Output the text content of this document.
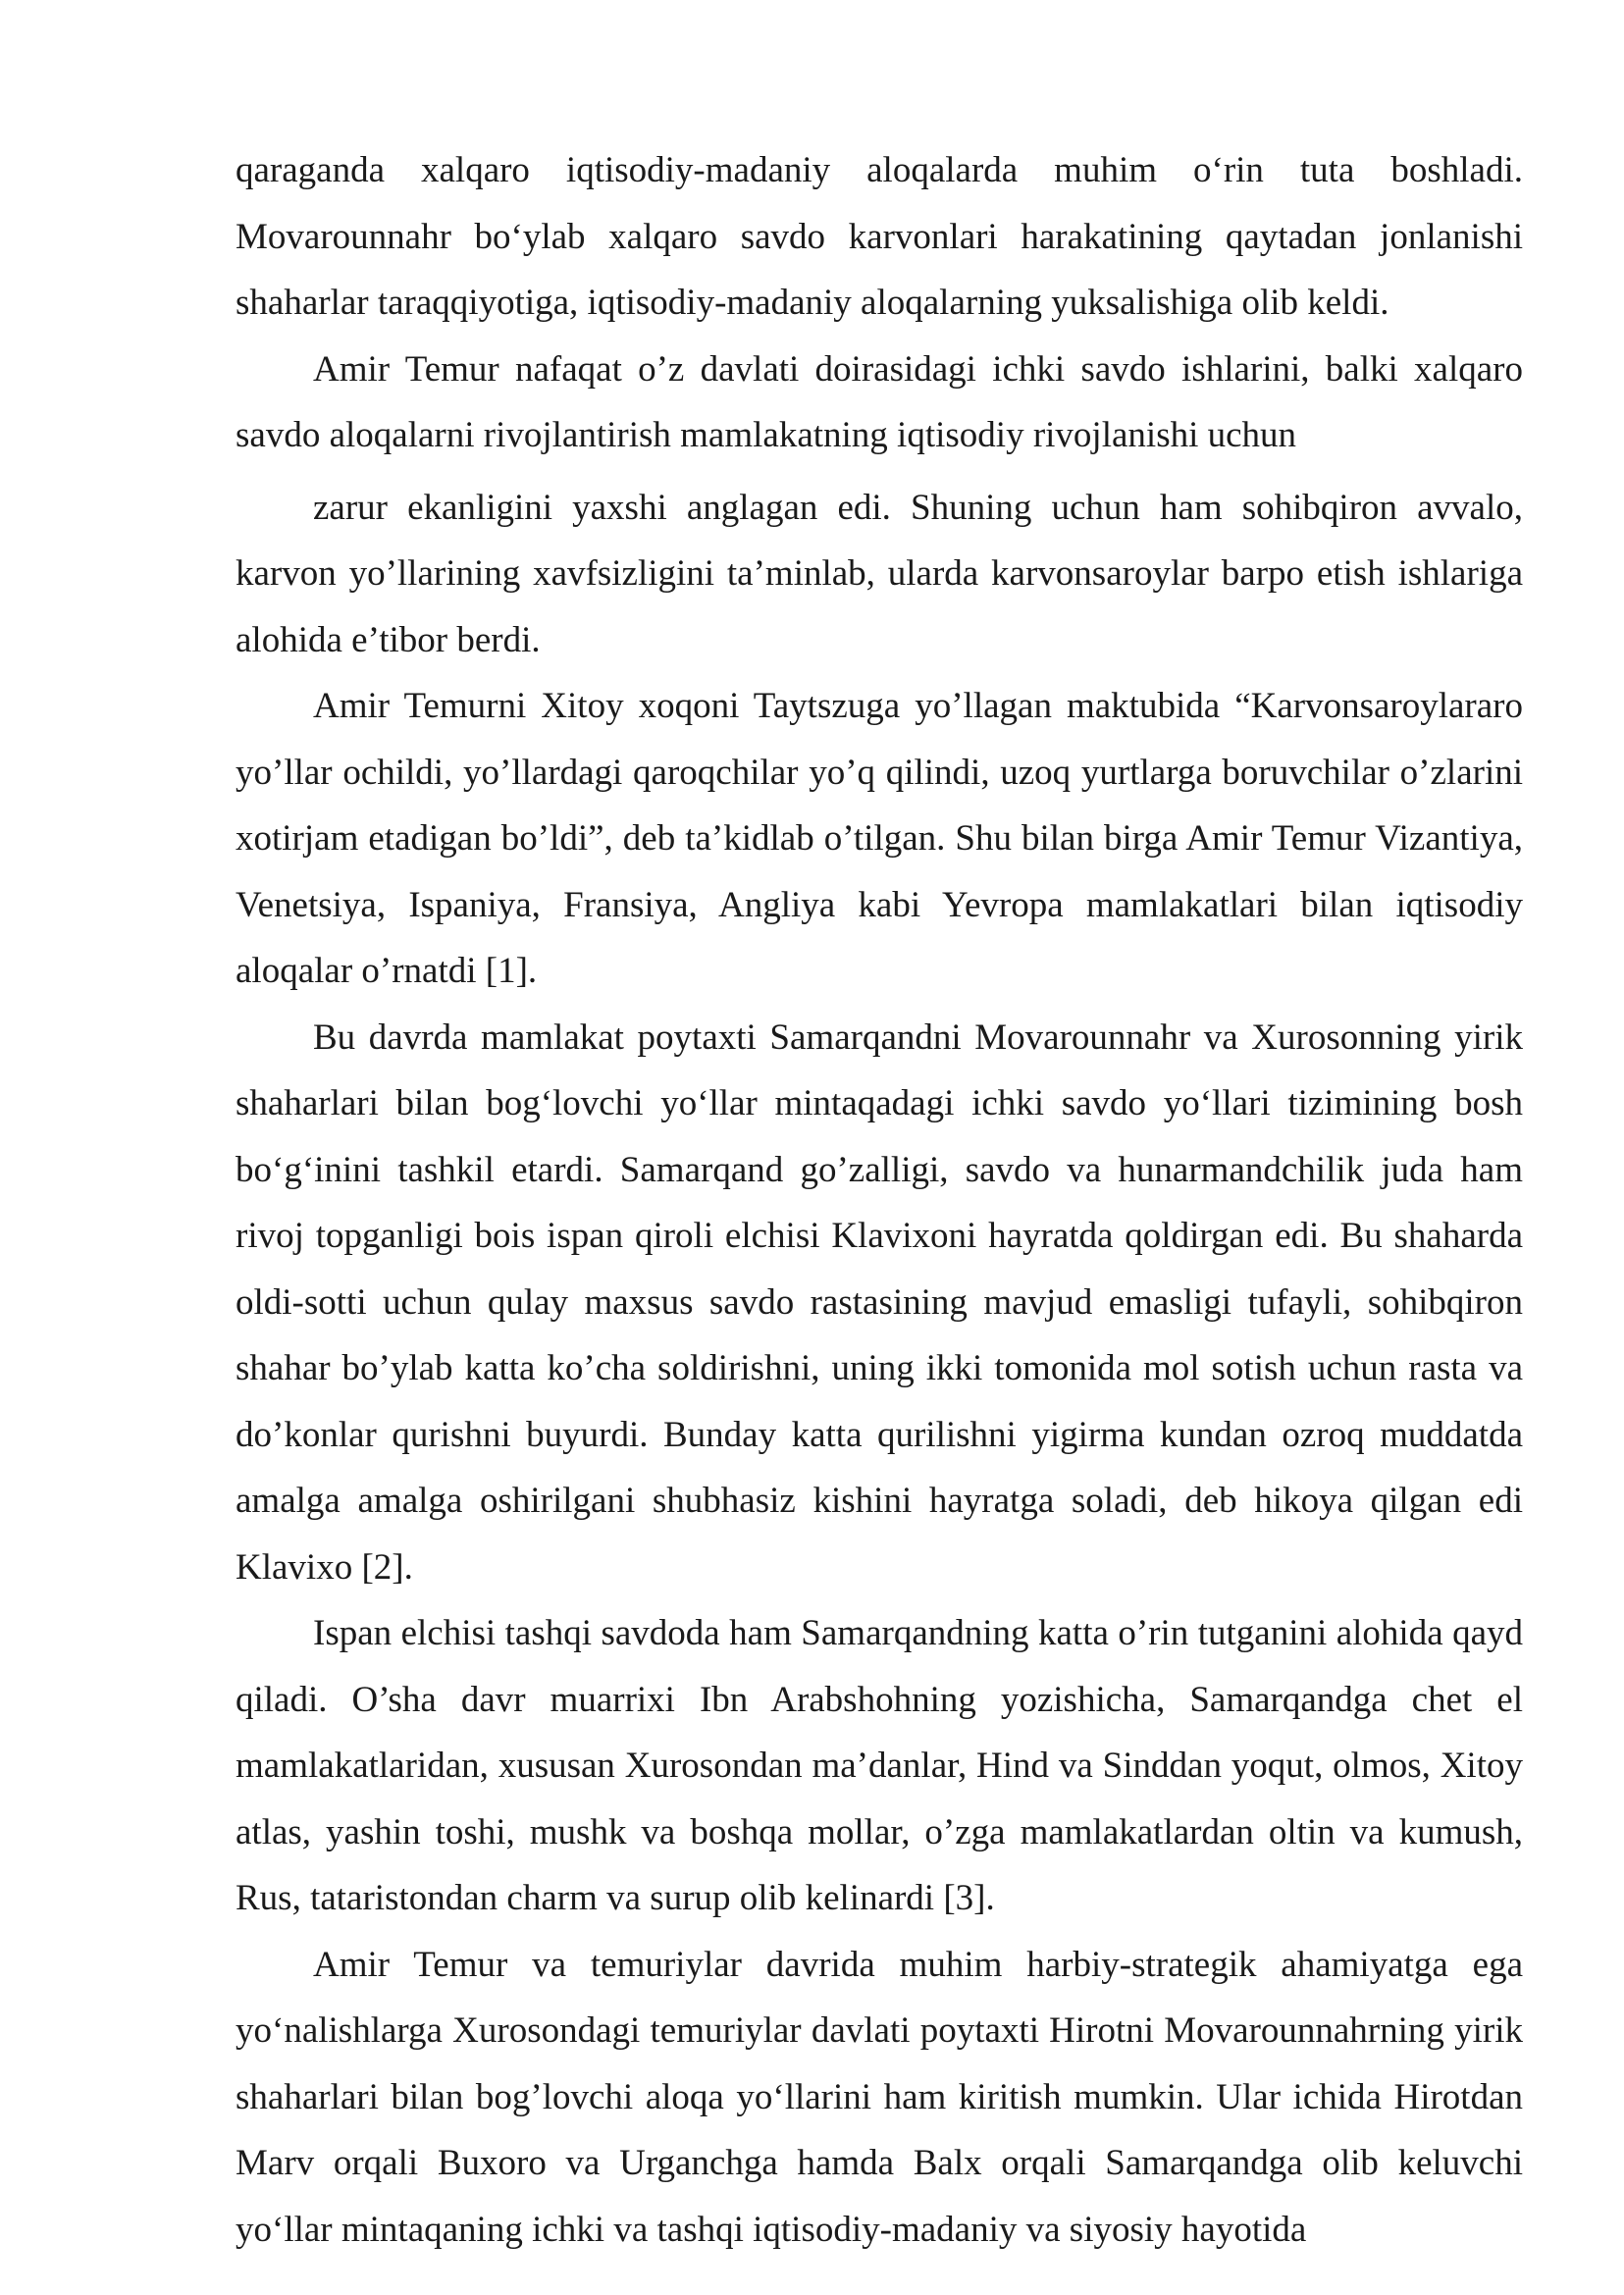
qaraganda xalqaro iqtisodiy-madaniy aloqalarda muhim o‘rin tuta boshladi. Movarounnahr bo‘ylab xalqaro savdo karvonlari harakatining qaytadan jonlanishi shaharlar taraqqiyotiga, iqtisodiy-madaniy aloqalarning yuksalishiga olib keldi.

Amir Temur nafaqat o’z davlati doirasidagi ichki savdo ishlarini, balki xalqaro savdo aloqalarni rivojlantirish mamlakatning iqtisodiy rivojlanishi uchun

zarur ekanligini yaxshi anglagan edi. Shuning uchun ham sohibqiron avvalo, karvon yo’llarining xavfsizligini ta’minlab, ularda karvonsaroylar barpo etish ishlariga alohida e’tibor berdi.

Amir Temurni Xitoy xoqoni Taytszuga yo’llagan maktubida “Karvonsaroylararo yo’llar ochildi, yo’llardagi qaroqchilar yo’q qilindi, uzoq yurtlarga boruvchilar o’zlarini xotirjam etadigan bo’ldi”, deb ta’kidlab o’tilgan. Shu bilan birga Amir Temur Vizantiya, Venetsiya, Ispaniya, Fransiya, Angliya kabi Yevropa mamlakatlari bilan iqtisodiy aloqalar o’rnatdi [1].

Bu davrda mamlakat poytaxti Samarqandni Movarounnahr va Xurosonning yirik shaharlari bilan bog‘lovchi yo‘llar mintaqadagi ichki savdo yo‘llari tizimining bosh bo‘g‘inini tashkil etardi. Samarqand go’zalligi, savdo va hunarmandchilik juda ham rivoj topganligi bois ispan qiroli elchisi Klavixoni hayratda qoldirgan edi. Bu shaharda oldi-sotti uchun qulay maxsus savdo rastasining mavjud emasligi tufayli, sohibqiron shahar bo’ylab katta ko’cha soldirishni, uning ikki tomonida mol sotish uchun rasta va do’konlar qurishni buyurdi. Bunday katta qurilishni yigirma kundan ozroq muddatda amalga amalga oshirilgani shubhasiz kishini hayratga soladi, deb hikoya qilgan edi Klavixo [2].

Ispan elchisi tashqi savdoda ham Samarqandning katta o’rin tutganini alohida qayd qiladi. O’sha davr muarrixi Ibn Arabshohning yozishicha, Samarqandga chet el mamlakatlaridan, xususan Xurosondan ma’danlar, Hind va Sinddan yoqut, olmos, Xitoy atlas, yashin toshi, mushk va boshqa mollar, o’zga mamlakatlardan oltin va kumush, Rus, tataristondan charm va surup olib kelinardi [3].

Amir Temur va temuriylar davrida muhim harbiy-strategik ahamiyatga ega yo‘nalishlarga Xurosondagi temuriylar davlati poytaxti Hirotni Movarounnahrning yirik shaharlari bilan bog’lovchi aloqa yo‘llarini ham kiritish mumkin. Ular ichida Hirotdan Marv orqali Buxoro va Urganchga hamda Balx orqali Samarqandga olib keluvchi yo‘llar mintaqaning ichki va tashqi iqtisodiy-madaniy va siyosiy hayotida
